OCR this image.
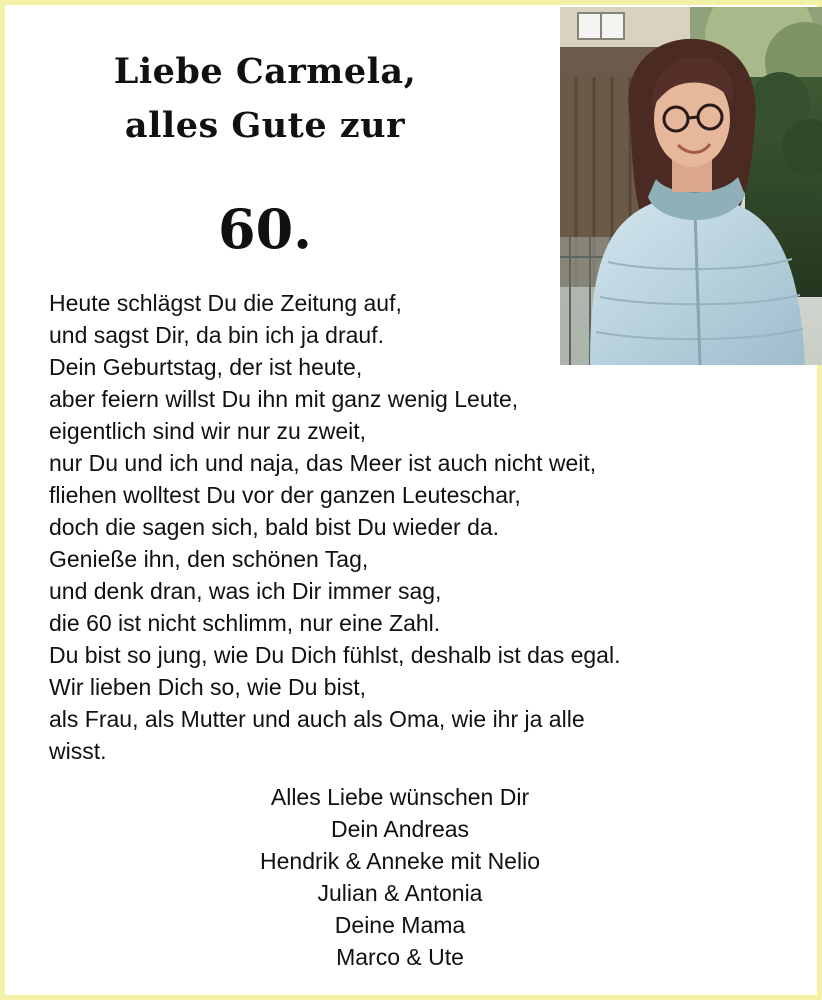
Liebe Carmela,
alles Gute zur
60.
Heute schlägst Du die Zeitung auf,
und sagst Dir, da bin ich ja drauf.
Dein Geburtstag, der ist heute,
aber feiern willst Du ihn mit ganz wenig Leute,
eigentlich sind wir nur zu zweit,
nur Du und ich und naja, das Meer ist auch nicht weit,
fliehen wolltest Du vor der ganzen Leuteschar,
doch die sagen sich, bald bist Du wieder da.
Genieße ihn, den schönen Tag,
und denk dran, was ich Dir immer sag,
die 60 ist nicht schlimm, nur eine Zahl.
Du bist so jung, wie Du Dich fühlst, deshalb ist das egal.
Wir lieben Dich so, wie Du bist,
als Frau, als Mutter und auch als Oma, wie ihr ja alle
wisst.
Alles Liebe wünschen Dir
Dein Andreas
Hendrik & Anneke mit Nelio
Julian & Antonia
Deine Mama
Marco & Ute
